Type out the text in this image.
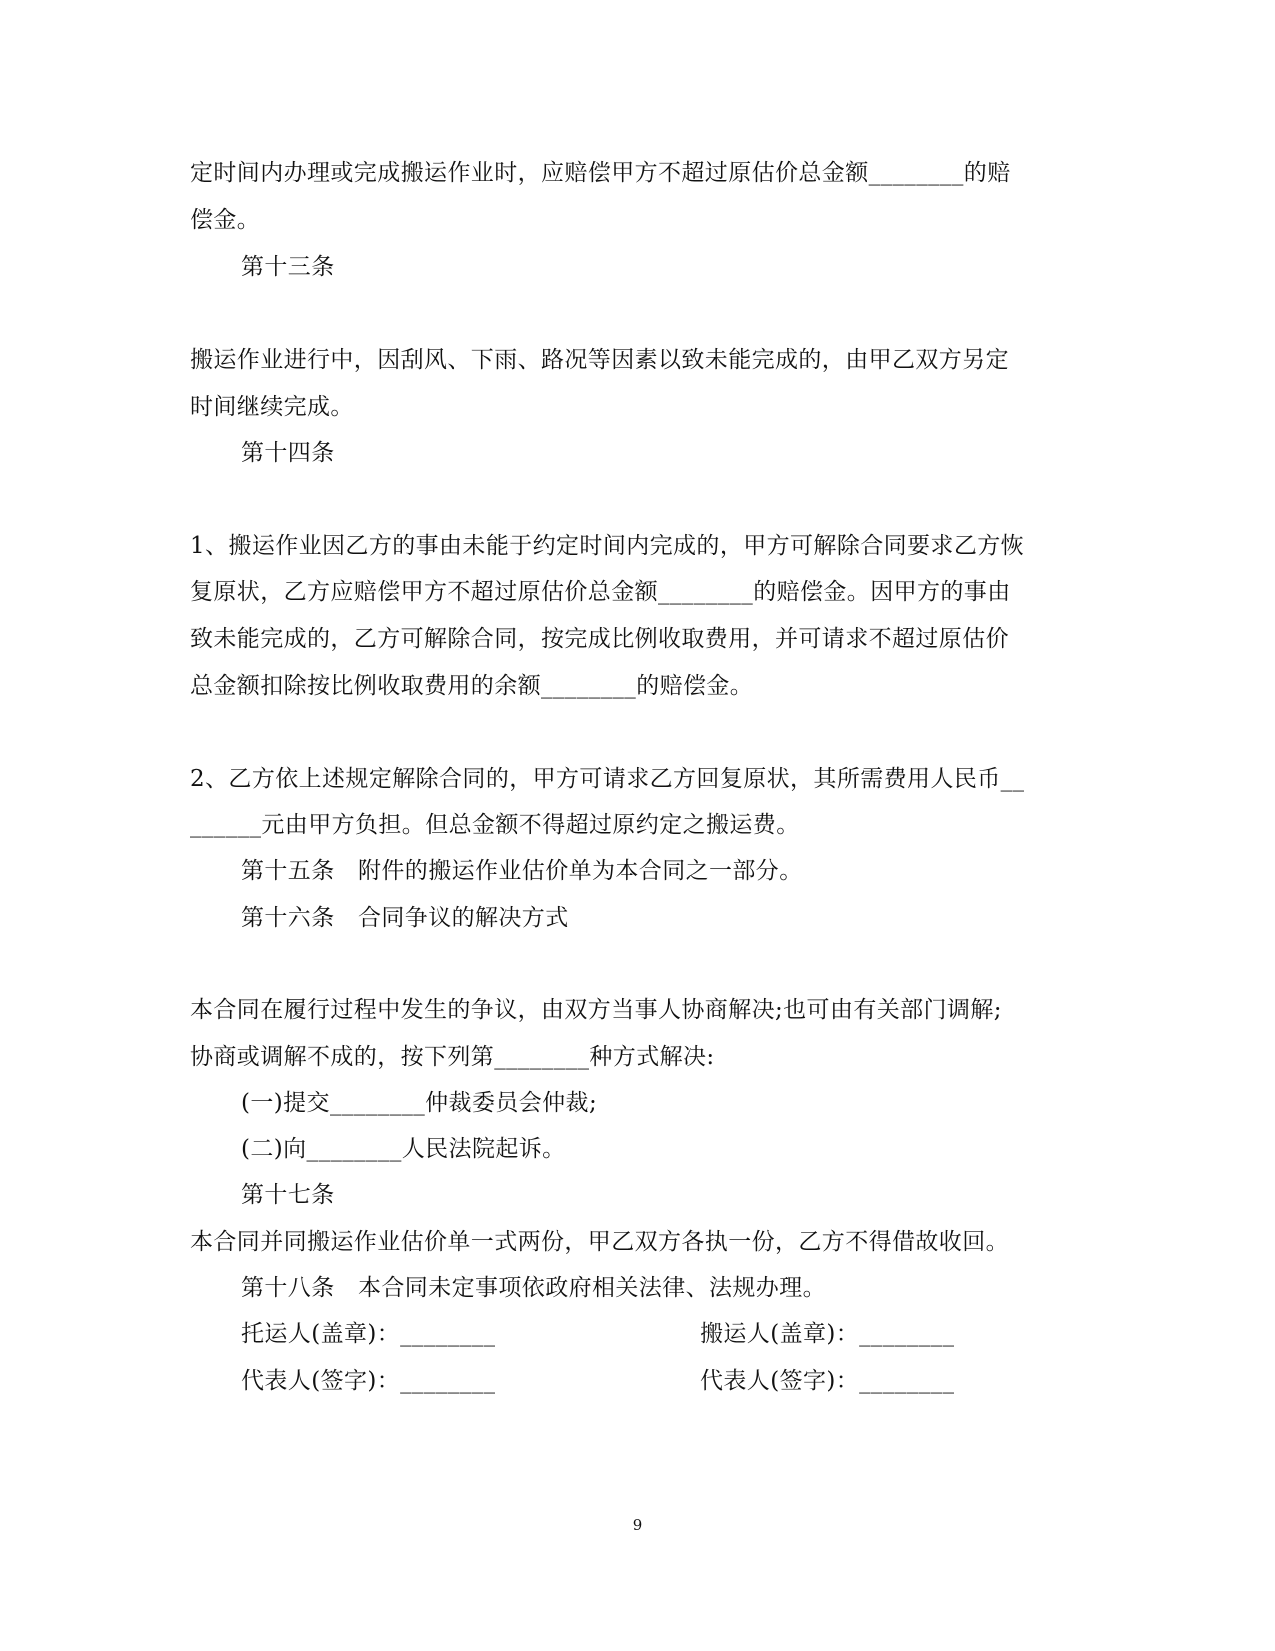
定时间内办理或完成搬运作业时，应赔偿甲方不超过原估价总金额________的赔
偿金。
第十三条
搬运作业进行中，因刮风、下雨、路况等因素以致未能完成的，由甲乙双方另定
时间继续完成。
第十四条
1、搬运作业因乙方的事由未能于约定时间内完成的，甲方可解除合同要求乙方恢
复原状，乙方应赔偿甲方不超过原估价总金额________的赔偿金。因甲方的事由
致未能完成的，乙方可解除合同，按完成比例收取费用，并可请求不超过原估价
总金额扣除按比例收取费用的余额________的赔偿金。
2、乙方依上述规定解除合同的，甲方可请求乙方回复原状，其所需费用人民币__
______元由甲方负担。但总金额不得超过原约定之搬运费。
第十五条　附件的搬运作业估价单为本合同之一部分。
第十六条　合同争议的解决方式
本合同在履行过程中发生的争议，由双方当事人协商解决;也可由有关部门调解;
协商或调解不成的，按下列第________种方式解决:
(一)提交________仲裁委员会仲裁;
(二)向________人民法院起诉。
第十七条
本合同并同搬运作业估价单一式两份，甲乙双方各执一份，乙方不得借故收回。
第十八条　本合同未定事项依政府相关法律、法规办理。
托运人(盖章)：________	搬运人(盖章)：________
代表人(签字)：________	代表人(签字)：________
9
